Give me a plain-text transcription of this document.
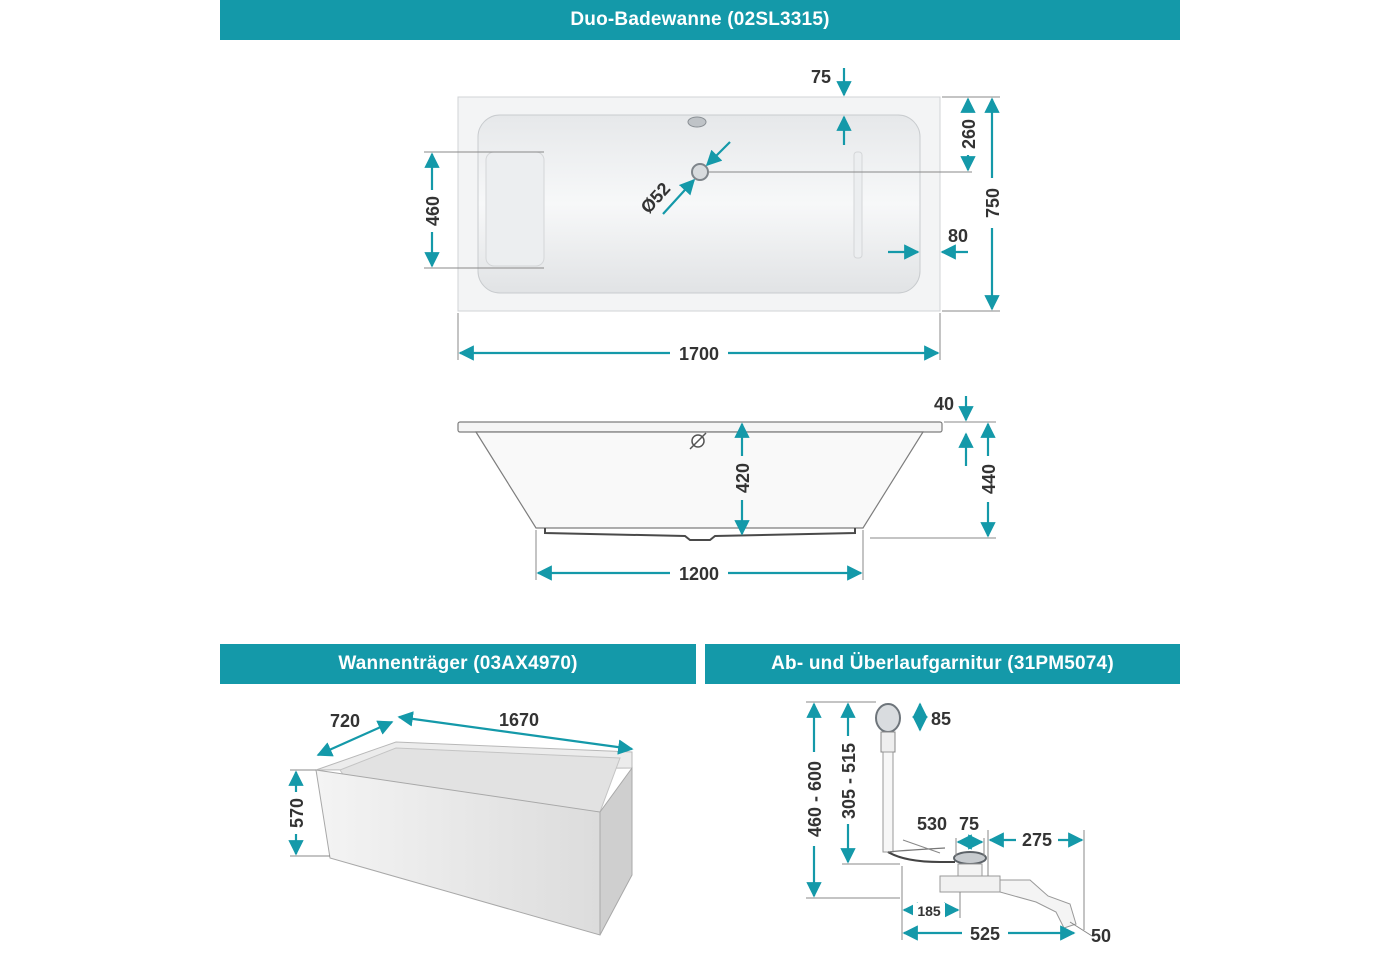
Duo-Badewanne (02SL3315)
Wannenträger (03AX4970)	Ab- und Überlaufgarnitur (31PM5074)
1700
750
460
75
260
Ø52
80
1200
420	440
40
720	1670
570	460 - 600 305 - 515
85
530 75
275
185
525	50
